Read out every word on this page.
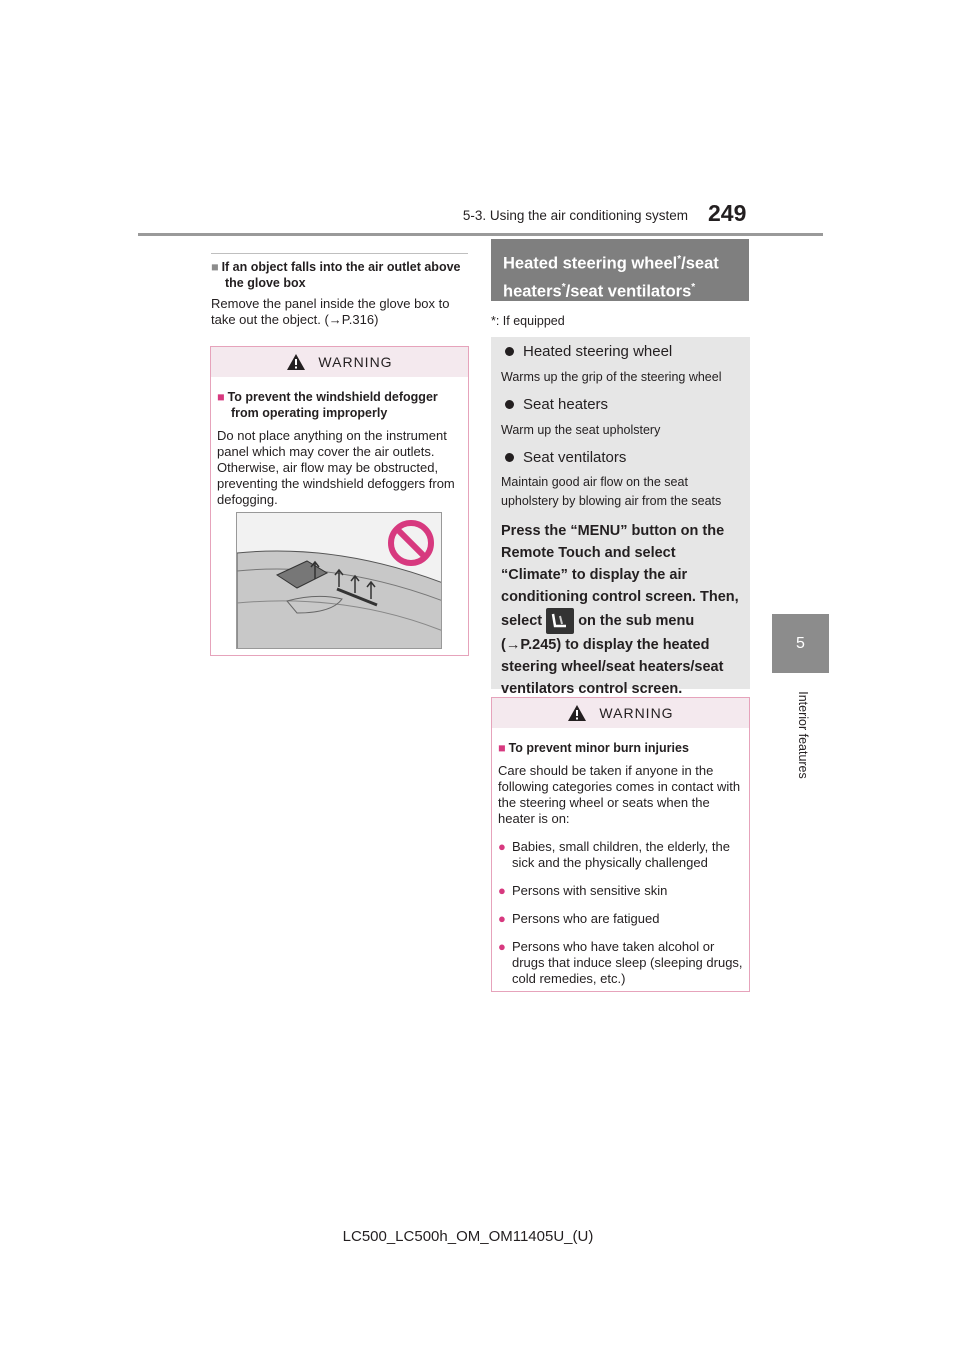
5-3. Using the air conditioning system 249
5
Interior features
■ If an object falls into the air outlet above
the glove box
Remove the panel inside the glove box to take out the object. (→P.316)
WARNING
■ To prevent the windshield defogger
from operating improperly
Do not place anything on the instrument panel which may cover the air outlets. Otherwise, air flow may be obstructed, preventing the windshield defoggers from defogging.
Heated steering wheel*/seat heaters*/seat ventilators*
*: If equipped
Heated steering wheel
Warms up the grip of the steering wheel
Seat heaters
Warm up the seat upholstery
Seat ventilators
Maintain good air flow on the seat upholstery by blowing air from the seats
Press the “MENU” button on the Remote Touch and select “Climate” to display the air conditioning control screen. Then, select on the sub menu (→P.245) to display the heated steering wheel/seat heaters/seat ventilators control screen.
WARNING
■ To prevent minor burn injuries
Care should be taken if anyone in the following categories comes in contact with the steering wheel or seats when the heater is on:
● Babies, small children, the elderly, the sick and the physically challenged
● Persons with sensitive skin
● Persons who are fatigued
● Persons who have taken alcohol or drugs that induce sleep (sleeping drugs, cold remedies, etc.)
LC500_LC500h_OM_OM11405U_(U)
